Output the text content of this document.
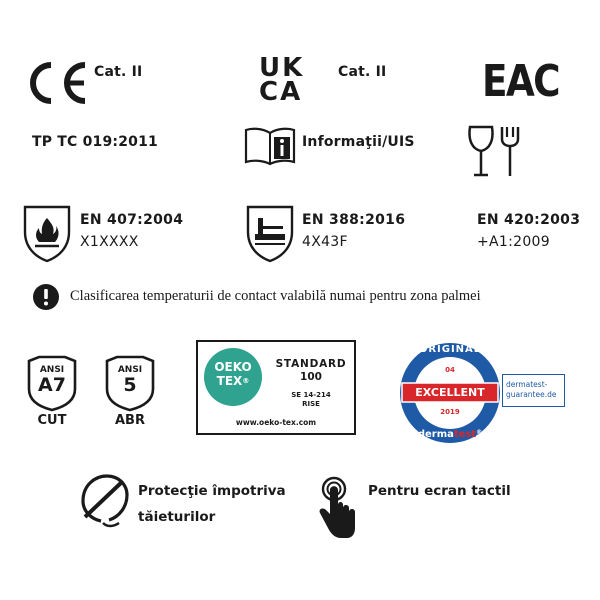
Cat. II	UK
CA
Cat. II EAC
TP TC 019:2011	Informaţii/UIS
EN 407:2004
X1XXXX
EN 388:2016
4X43F
EN 420:2003
+A1:2009
Clasificarea temperaturii de contact valabilă numai pentru zona palmei
ANSI
A7
CUT
ANSI
5
ABR
OEKO
TEX®
STANDARD
100
SE 14-214
RISE
www.oeko-tex.com
ORIGINAL
04
EXCELLENT
2019
dermatest®
dermatest-
guarantee.de
Protecţie împotriva
tăieturilor
Pentru ecran tactil
